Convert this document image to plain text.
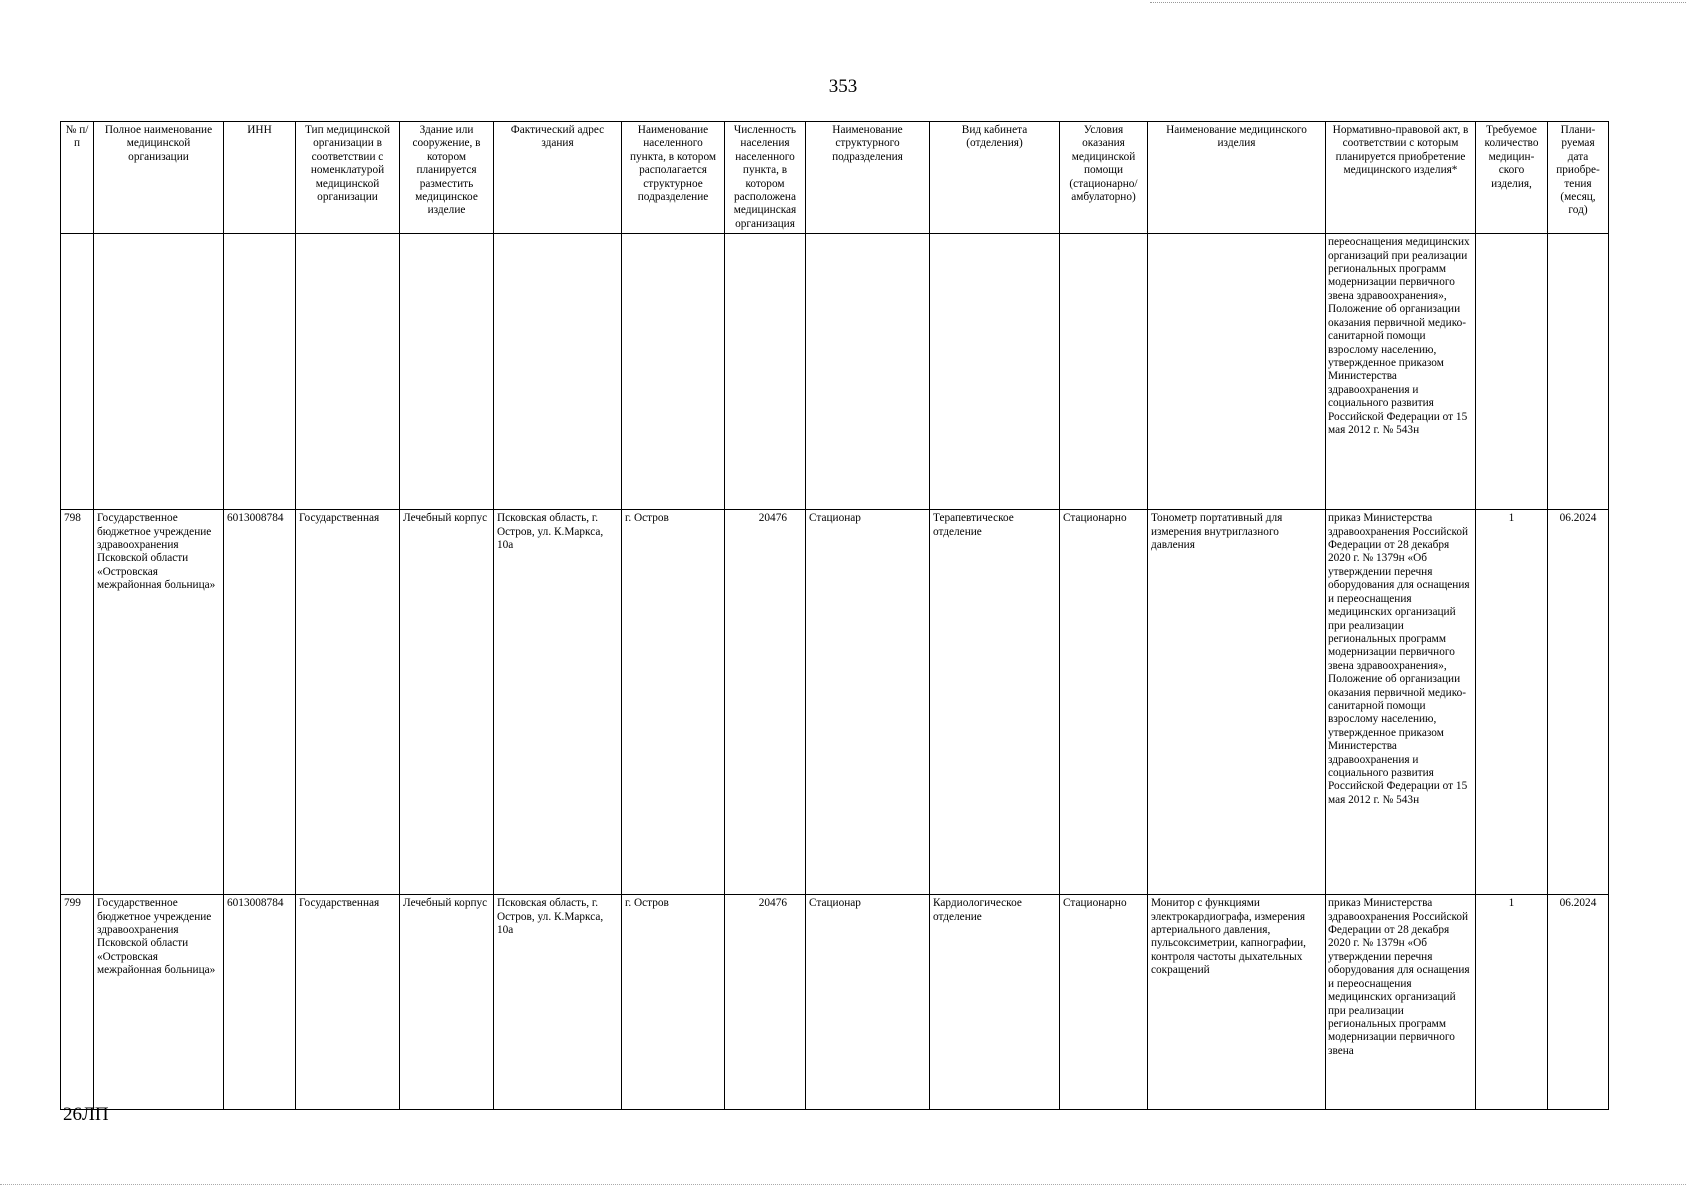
353
№ п/п	Полное наименование медицинской организации	ИНН	Тип медицинской организации в соответствии с номенклатурой медицинской организации	Здание или сооружение, в котором планируется разместить медицинское изделие	Фактический адрес здания	Наименование населенного пункта, в котором располагается структурное подразделение	Численность населения населенного пункта, в котором расположена медицинская организация	Наименование структурного подразделения	Вид кабинета (отделения)	Условия оказания медицинской помощи (стационарно/ амбулаторно)	Наименование медицинского изделия	Нормативно-правовой акт, в соответствии с которым планируется приобретение медицинского изделия*	Требуемое количество медицин-ского изделия,	Плани-руемая дата приобре-тения (месяц, год)
												переоснащения медицинских организаций при реализации региональных программ модернизации первичного звена здравоохранения», Положение об организации оказания первичной медико-санитарной помощи взрослому населению, утвержденное приказом Министерства здравоохранения и социального развития Российской Федерации от 15 мая 2012 г. № 543н		
798	Государственное бюджетное учреждение здравоохранения Псковской области «Островская межрайонная больница»	6013008784	Государственная	Лечебный корпус	Псковская область, г. Остров, ул. К.Маркса, 10а	г. Остров	20476	Стационар	Терапевтическое отделение	Стационарно	Тонометр портативный для измерения внутриглазного давления	приказ Министерства здравоохранения Российской Федерации от 28 декабря 2020 г. № 1379н «Об утверждении перечня оборудования для оснащения и переоснащения медицинских организаций при реализации региональных программ модернизации первичного звена здравоохранения», Положение об организации оказания первичной медико-санитарной помощи взрослому населению, утвержденное приказом Министерства здравоохранения и социального развития Российской Федерации от 15 мая 2012 г. № 543н	1	06.2024
799	Государственное бюджетное учреждение здравоохранения Псковской области «Островская межрайонная больница»	6013008784	Государственная	Лечебный корпус	Псковская область, г. Остров, ул. К.Маркса, 10а	г. Остров	20476	Стационар	Кардиологическое отделение	Стационарно	Монитор с функциями электрокардиографа, измерения артериального давления, пульсоксиметрии, капнографии, контроля частоты дыхательных сокращений	приказ Министерства здравоохранения Российской Федерации от 28 декабря 2020 г. № 1379н «Об утверждении перечня оборудования для оснащения и переоснащения медицинских организаций при реализации региональных программ модернизации первичного звена	1	06.2024
26ЛП
